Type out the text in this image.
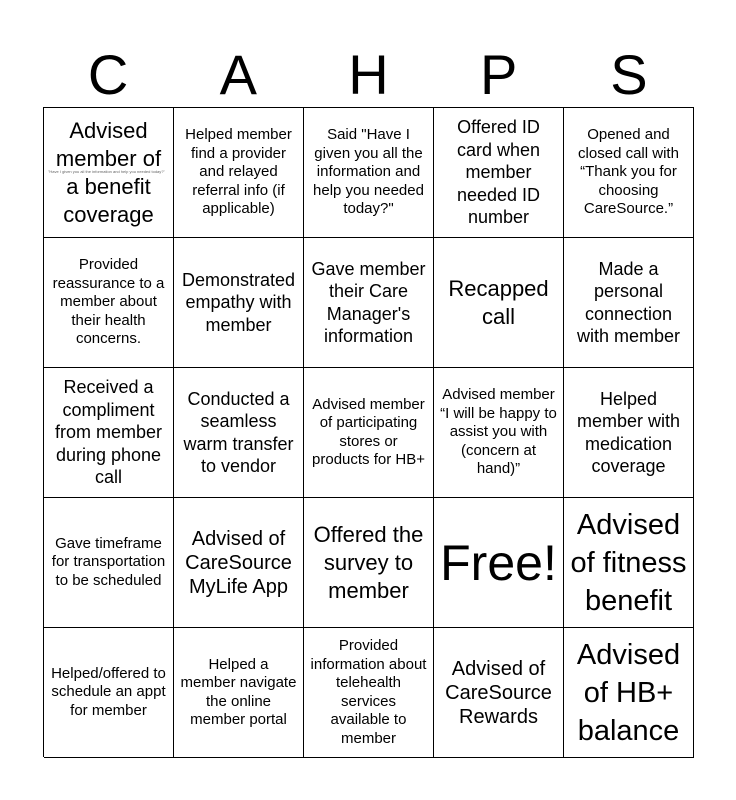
C	A	H	P	S
Advised member of a benefit coverage
"Have I given you all the information and help you needed today?"
Helped member find a provider and relayed referral info (if applicable)
Said "Have I given you all the information and help you needed today?"
Offered ID card when member needed ID number
Opened and closed call with “Thank you for choosing CareSource.”
Provided reassurance to a member about their health concerns.
Demonstrated empathy with member
Gave member their Care Manager's information
Recapped call
Made a personal connection with member
Received a compliment from member during phone call
Conducted a seamless warm transfer to vendor
Advised member of participating stores or products for HB+
Advised member “I will be happy to assist you with (concern at hand)”
Helped member with medication coverage
Gave timeframe for transportation to be scheduled
Advised of CareSource MyLife App
Offered the survey to member Free!
Advised of fitness benefit
Helped/offered to schedule an appt for member
Helped a member navigate the online member portal
Provided information about telehealth services available to member
Advised of CareSource Rewards
Advised of HB+ balance
